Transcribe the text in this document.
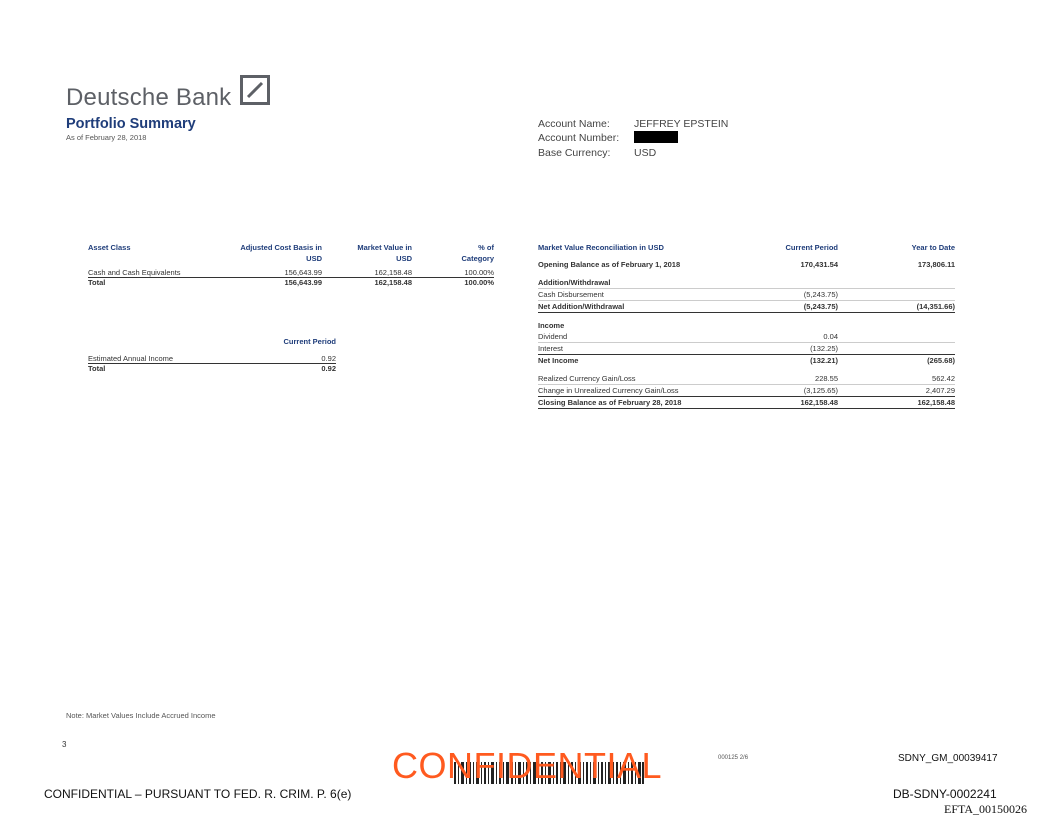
Deutsche Bank
Portfolio Summary
As of February 28, 2018
Account Name:	JEFFREY EPSTEIN
Account Number:
Base Currency:	USD
Asset Class	Adjusted Cost Basis in USD	Market Value in USD	% of Category
Cash and Cash Equivalents	156,643.99	162,158.48	100.00%
Total	156,643.99	162,158.48	100.00%
	Current Period
Estimated Annual Income	0.92
Total	0.92
Market Value Reconciliation in USD	Current Period	Year to Date
Opening Balance as of February 1, 2018	170,431.54	173,806.11

Addition/Withdrawal		
Cash Disbursement	(5,243.75)	
Net Addition/Withdrawal	(5,243.75)	(14,351.66)

Income		
Dividend	0.04	
Interest	(132.25)	
Net Income	(132.21)	(265.68)

Realized Currency Gain/Loss	228.55	562.42
Change in Unrealized Currency Gain/Loss	(3,125.65)	2,407.29
Closing Balance as of February 28, 2018	162,158.48	162,158.48
Note: Market Values Include Accrued Income
3
CONFIDENTIAL	000125 2/6	SDNY_GM_00039417
CONFIDENTIAL – PURSUANT TO FED. R. CRIM. P. 6(e)	DB-SDNY-0002241
EFTA_00150026
